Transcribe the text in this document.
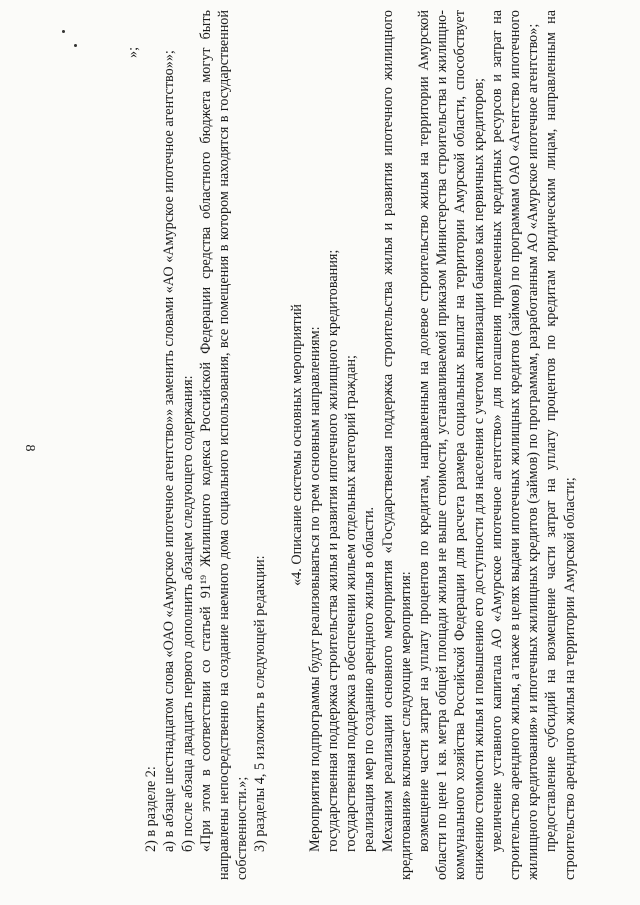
8

»;

2) в разделе 2: а) в абзаце шестнадцатом слова «ОАО «Амурское ипотечное агентство»» заменить словами «АО «Амурское ипотечное агентство»»; б) после абзаца двадцать первого дополнить абзацем следующего содержания: «При этом в соответствии со статьей 91¹⁹ Жилищного кодекса Российской Федерации средства областного бюджета могут быть направлены непосредственно на создание наемного дома социального использования, все помещения в котором находятся в государственной собственности.»; 3) разделы 4, 5 изложить в следующей редакции:

«4. Описание системы основных мероприятий Мероприятия подпрограммы будут реализовываться по трем основным направлениям: государственная поддержка строительства жилья и развития ипотечного жилищного кредитования; государственная поддержка в обеспечении жильем отдельных категорий граждан; реализация мер по созданию арендного жилья в области. Механизм реализации основного мероприятия «Государственная поддержка строительства жилья и развития ипотечного жилищного кредитования» включает следующие мероприятия: возмещение части затрат на уплату процентов по кредитам, направленным на долевое строительство жилья на территории Амурской области по цене 1 кв. метра общей площади жилья не выше стоимости, устанавливаемой приказом Министерства строительства и жилищно-коммунального хозяйства Российской Федерации для расчета размера социальных выплат на территории Амурской области, способствует снижению стоимости жилья и повышению его доступности для населения с учетом активизации банков как первичных кредиторов; увеличение уставного капитала АО «Амурское ипотечное агентство» для погашения привлеченных кредитных ресурсов и затрат на строительство арендного жилья, а также в целях выдачи ипотечных жилищных кредитов (займов) по программам ОАО «Агентство ипотечного жилищного кредитования» и ипотечных жилищных кредитов (займов) по программам, разработанным АО «Амурское ипотечное агентство»; предоставление субсидий на возмещение части затрат на уплату процентов по кредитам юридическим лицам, направленным на строительство арендного жилья на территории Амурской области;
